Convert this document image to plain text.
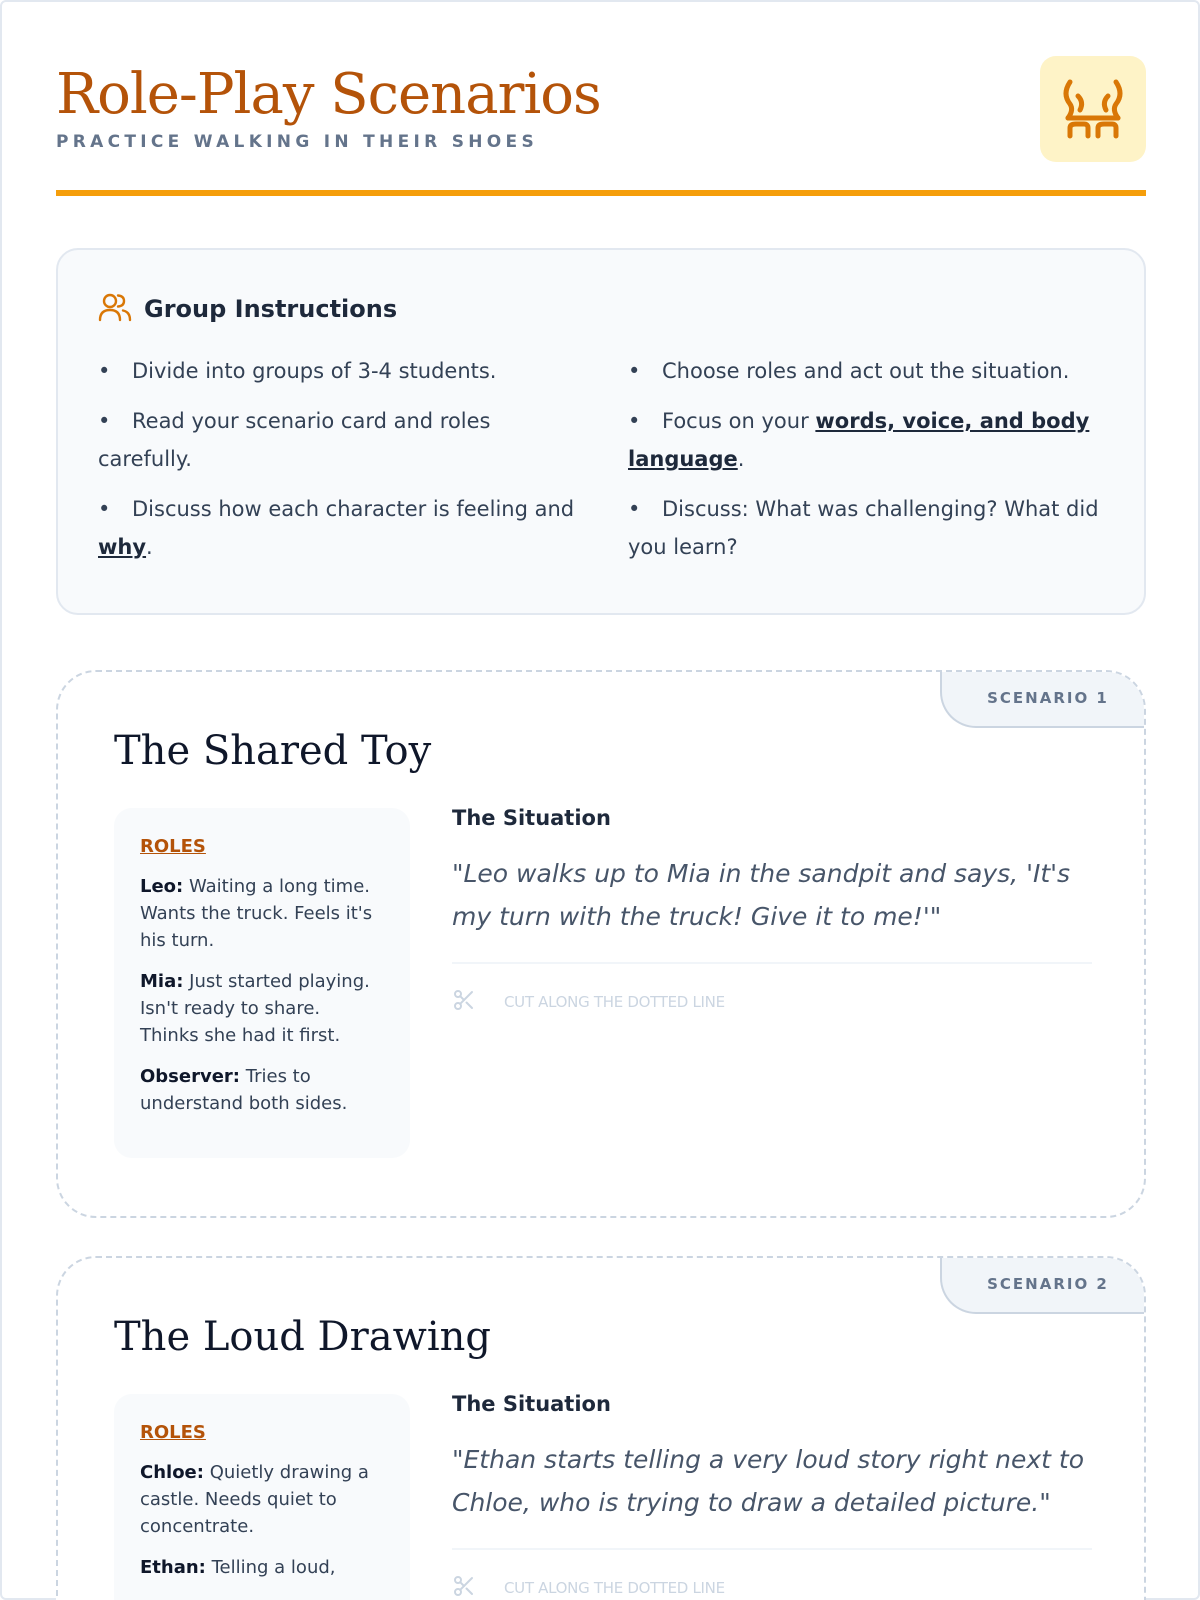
Role-Play Scenarios
PRACTICE WALKING IN THEIR SHOES
Group Instructions
• Divide into groups of 3-4 students.
• Read your scenario card and roles carefully.
• Discuss how each character is feeling and why.
• Choose roles and act out the situation.
• Focus on your words, voice, and body language.
• Discuss: What was challenging? What did you learn?
SCENARIO 1
The Shared Toy
ROLES
Leo: Waiting a long time. Wants the truck. Feels it's his turn.
Mia: Just started playing. Isn't ready to share. Thinks she had it first.
Observer: Tries to understand both sides.
The Situation
"Leo walks up to Mia in the sandpit and says, 'It's my turn with the truck! Give it to me!'"
CUT ALONG THE DOTTED LINE
SCENARIO 2
The Loud Drawing
ROLES
Chloe: Quietly drawing a castle. Needs quiet to concentrate.
Ethan: Telling a loud,
The Situation
"Ethan starts telling a very loud story right next to Chloe, who is trying to draw a detailed picture."
CUT ALONG THE DOTTED LINE
